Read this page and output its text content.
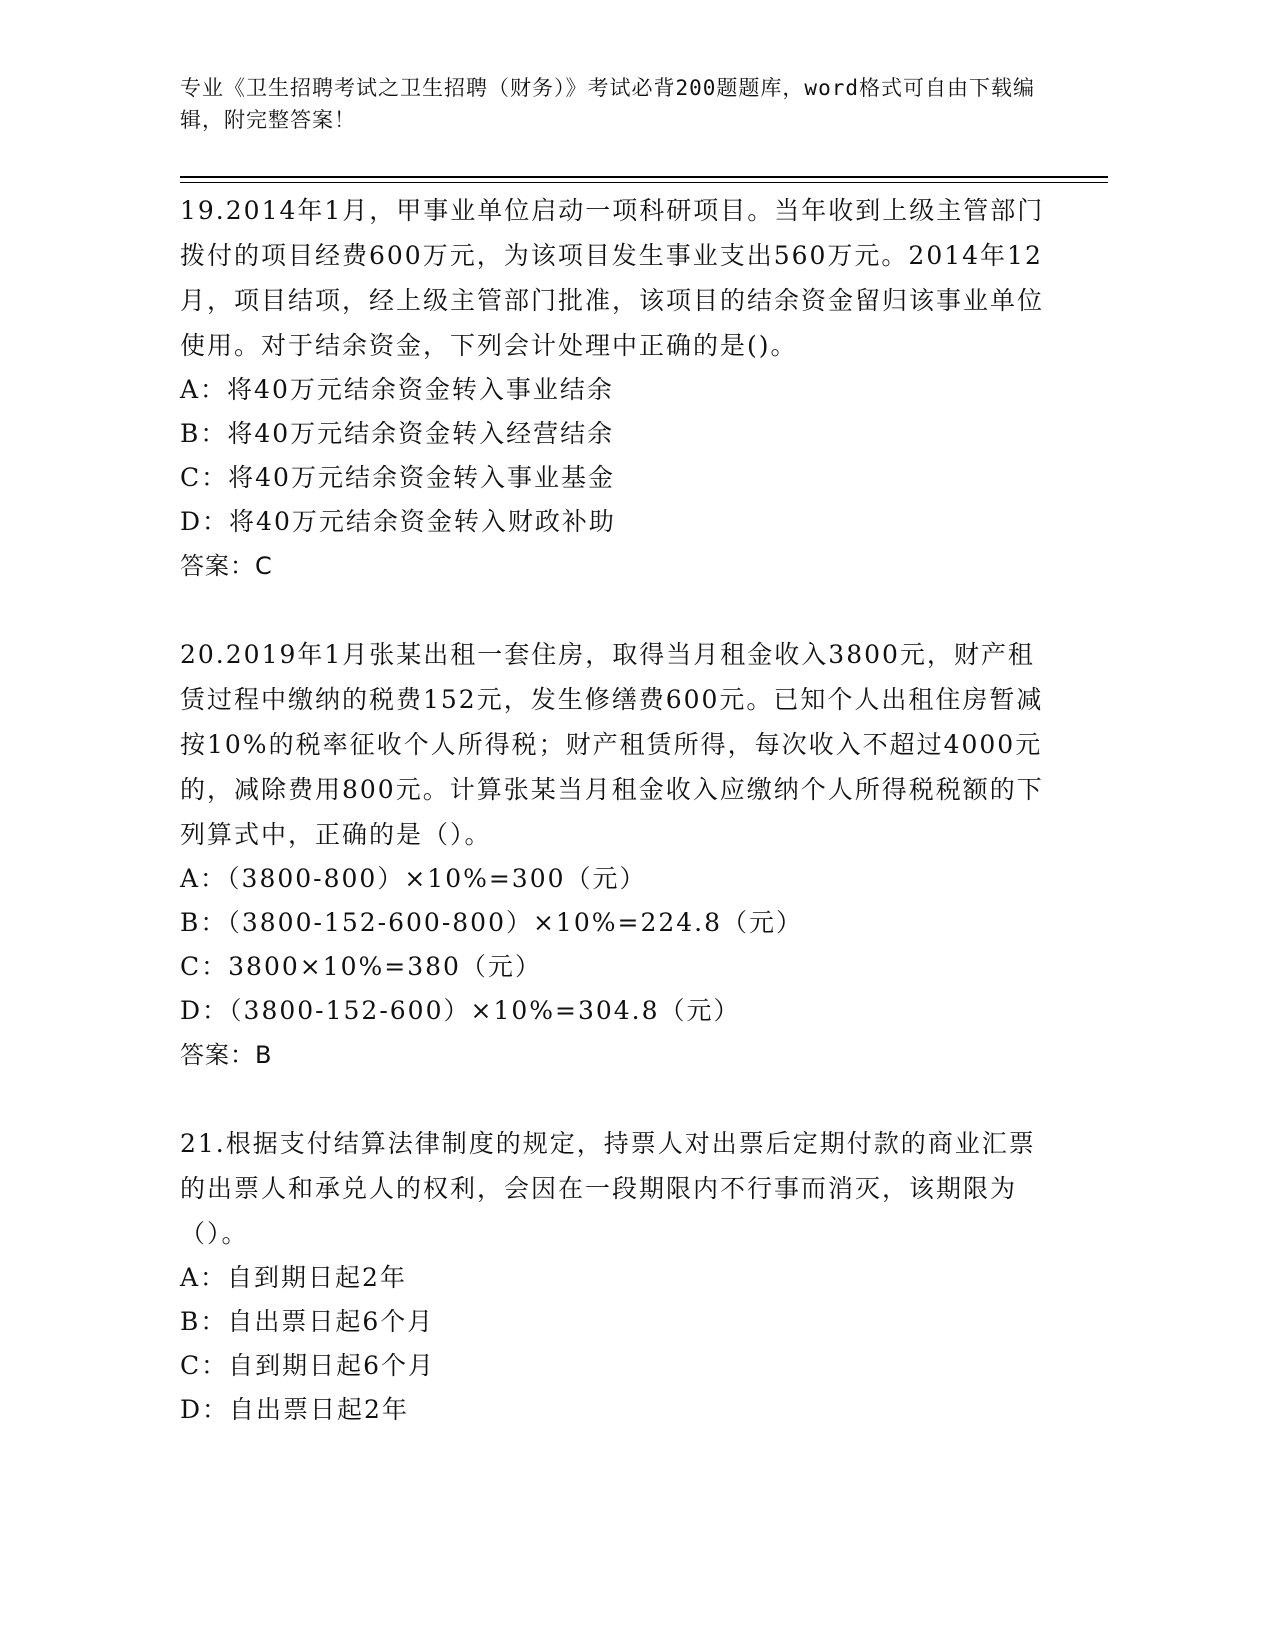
专业《卫生招聘考试之卫生招聘（财务）》考试必背200题题库，word格式可自由下载编辑，附完整答案！

19.2014年1月，甲事业单位启动一项科研项目。当年收到上级主管部门拨付的项目经费600万元，为该项目发生事业支出560万元。2014年12月，项目结项，经上级主管部门批准，该项目的结余资金留归该事业单位使用。对于结余资金，下列会计处理中正确的是()。

A：将40万元结余资金转入事业结余

B：将40万元结余资金转入经营结余

C：将40万元结余资金转入事业基金

D：将40万元结余资金转入财政补助

答案：C

20.2019年1月张某出租一套住房，取得当月租金收入3800元，财产租赁过程中缴纳的税费152元，发生修缮费600元。已知个人出租住房暂减按10%的税率征收个人所得税；财产租赁所得，每次收入不超过4000元的，减除费用800元。计算张某当月租金收入应缴纳个人所得税税额的下列算式中，正确的是（）。

A：（3800-800）×10%=300（元）

B：（3800-152-600-800）×10%=224.8（元）

C：3800×10%=380（元）

D：（3800-152-600）×10%=304.8（元）

答案：B

21.根据支付结算法律制度的规定，持票人对出票后定期付款的商业汇票的出票人和承兑人的权利，会因在一段期限内不行事而消灭，该期限为（）。

A：自到期日起2年

B：自出票日起6个月

C：自到期日起6个月

D：自出票日起2年
